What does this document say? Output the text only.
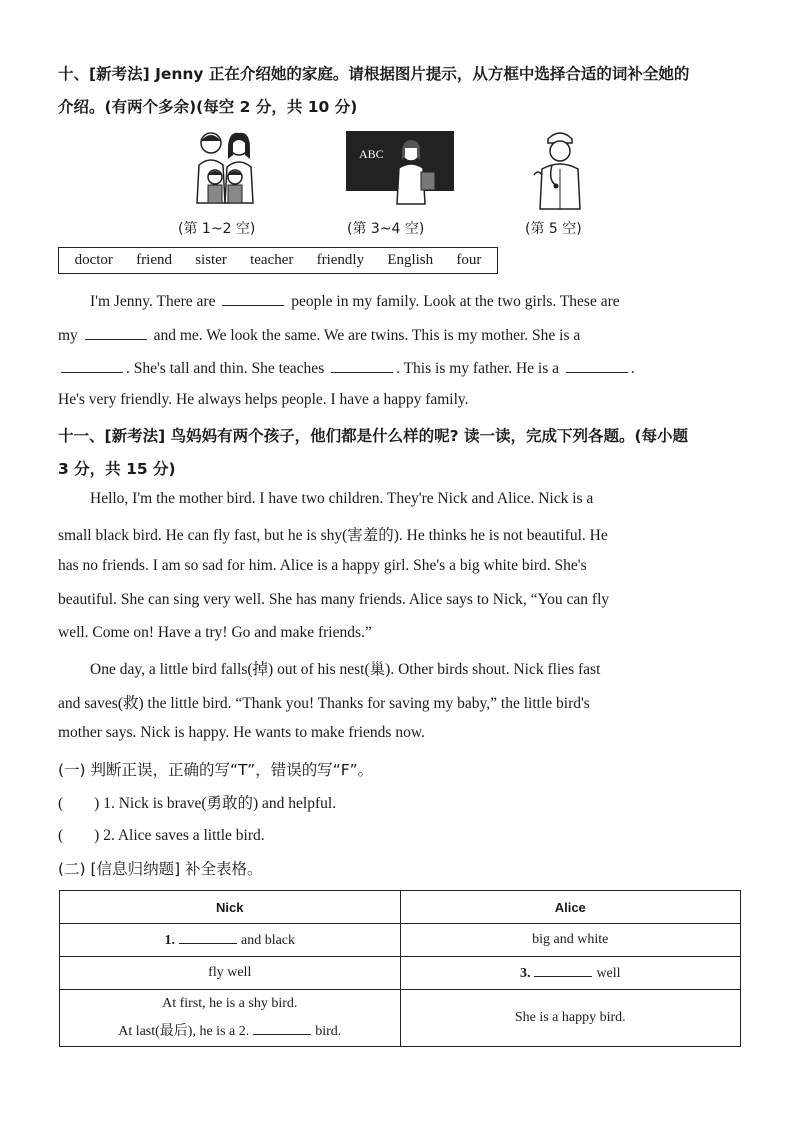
十、[新考法] Jenny 正在介绍她的家庭。请根据图片提示，从方框中选择合适的词补全她的
介绍。(有两个多余)(每空 2 分，共 10 分)
ABC
(第 1~2 空)	(第 3~4 空)	(第 5 空)
doctor friend sister teacher friendly English four
I'm Jenny. There are	people in my family. Look at the two girls. These are
my	and me. We look the same. We are twins. This is my mother. She is a
. She's tall and thin. She teaches	. This is my father. He is a	.
He's very friendly. He always helps people. I have a happy family.
十一、[新考法] 鸟妈妈有两个孩子，他们都是什么样的呢? 读一读，完成下列各题。(每小题
3 分，共 15 分)
Hello, I'm the mother bird. I have two children. They're Nick and Alice. Nick is a
small black bird. He can fly fast, but he is shy(害羞的). He thinks he is not beautiful. He
has no friends. I am so sad for him. Alice is a happy girl. She's a big white bird. She's
beautiful. She can sing very well. She has many friends. Alice says to Nick, “You can fly
well. Come on! Have a try! Go and make friends.”
One day, a little bird falls(掉) out of his nest(巢). Other birds shout. Nick flies fast
and saves(救) the little bird. “Thank you! Thanks for saving my baby,” the little bird's
mother says. Nick is happy. He wants to make friends now.
(一) 判断正误，正确的写“T”，错误的写“F”。
(　　) 1. Nick is brave(勇敢的) and helpful.
(　　) 2. Alice saves a little bird.
(二) [信息归纳题] 补全表格。
Nick	Alice
1. and black	big and white
fly well	3. well

At first, he is a shy bird.
At last(最后), he is a 2. bird.	She is a happy bird.
